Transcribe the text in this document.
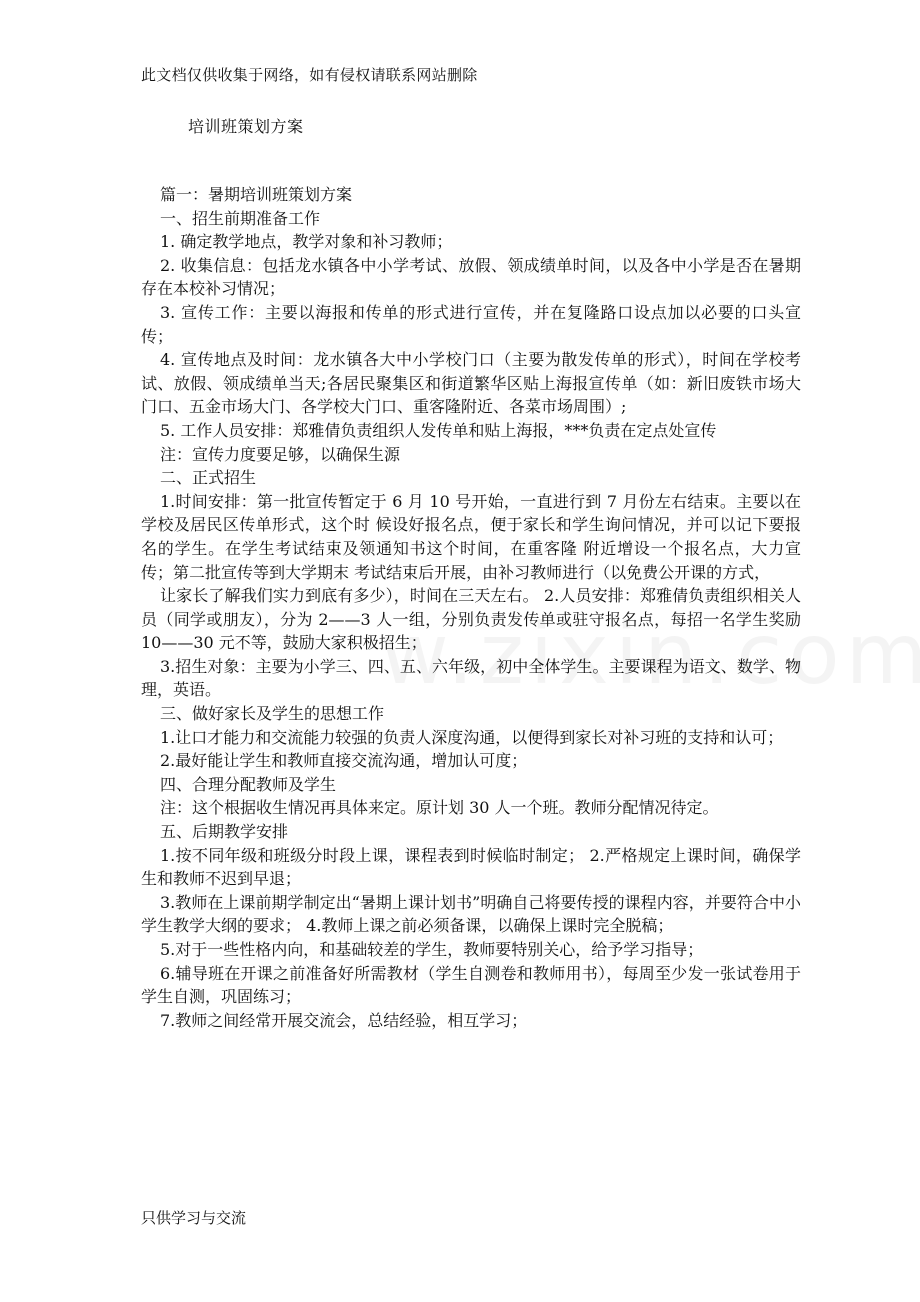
此文档仅供收集于网络，如有侵权请联系网站删除
培训班策划方案

篇一：暑期培训班策划方案

一、招生前期准备工作

1. 确定教学地点，教学对象和补习教师；

2. 收集信息：包括龙水镇各中小学考试、放假、领成绩单时间，以及各中小学是否在暑期存在本校补习情况；

3. 宣传工作：主要以海报和传单的形式进行宣传，并在复隆路口设点加以必要的口头宣传；

4. 宣传地点及时间：龙水镇各大中小学校门口（主要为散发传单的形式），时间在学校考试、放假、领成绩单当天;各居民聚集区和街道繁华区贴上海报宣传单（如：新旧废铁市场大门口、五金市场大门、各学校大门口、重客隆附近、各菜市场周围）;

5. 工作人员安排：郑雅倩负责组织人发传单和贴上海报，***负责在定点处宣传

注：宣传力度要足够，以确保生源

二、正式招生

1.时间安排：第一批宣传暂定于 6 月 10 号开始，一直进行到 7 月份左右结束。主要以在学校及居民区传单形式，这个时 候设好报名点，便于家长和学生询问情况，并可以记下要报 名的学生。在学生考试结束及领通知书这个时间，在重客隆 附近增设一个报名点，大力宣传；第二批宣传等到大学期末 考试结束后开展，由补习教师进行（以免费公开课的方式，

让家长了解我们实力到底有多少），时间在三天左右。 2.人员安排：郑雅倩负责组织相关人员（同学或朋友），分为 2——3 人一组，分别负责发传单或驻守报名点，每招一名学生奖励 10——30 元不等，鼓励大家积极招生；

3.招生对象：主要为小学三、四、五、六年级，初中全体学生。主要课程为语文、数学、物理，英语。

三、做好家长及学生的思想工作

1.让口才能力和交流能力较强的负责人深度沟通，以便得到家长对补习班的支持和认可；

2.最好能让学生和教师直接交流沟通，增加认可度；

四、合理分配教师及学生

注：这个根据收生情况再具体来定。原计划 30 人一个班。教师分配情况待定。

五、后期教学安排

1.按不同年级和班级分时段上课，课程表到时候临时制定； 2.严格规定上课时间，确保学生和教师不迟到早退；

3.教师在上课前期学制定出“暑期上课计划书”明确自己将要传授的课程内容，并要符合中小学生教学大纲的要求； 4.教师上课之前必须备课，以确保上课时完全脱稿；

5.对于一些性格内向，和基础较差的学生，教师要特别关心，给予学习指导；

6.辅导班在开课之前准备好所需教材（学生自测卷和教师用书），每周至少发一张试卷用于学生自测，巩固练习；

7.教师之间经常开展交流会，总结经验，相互学习；

只供学习与交流
